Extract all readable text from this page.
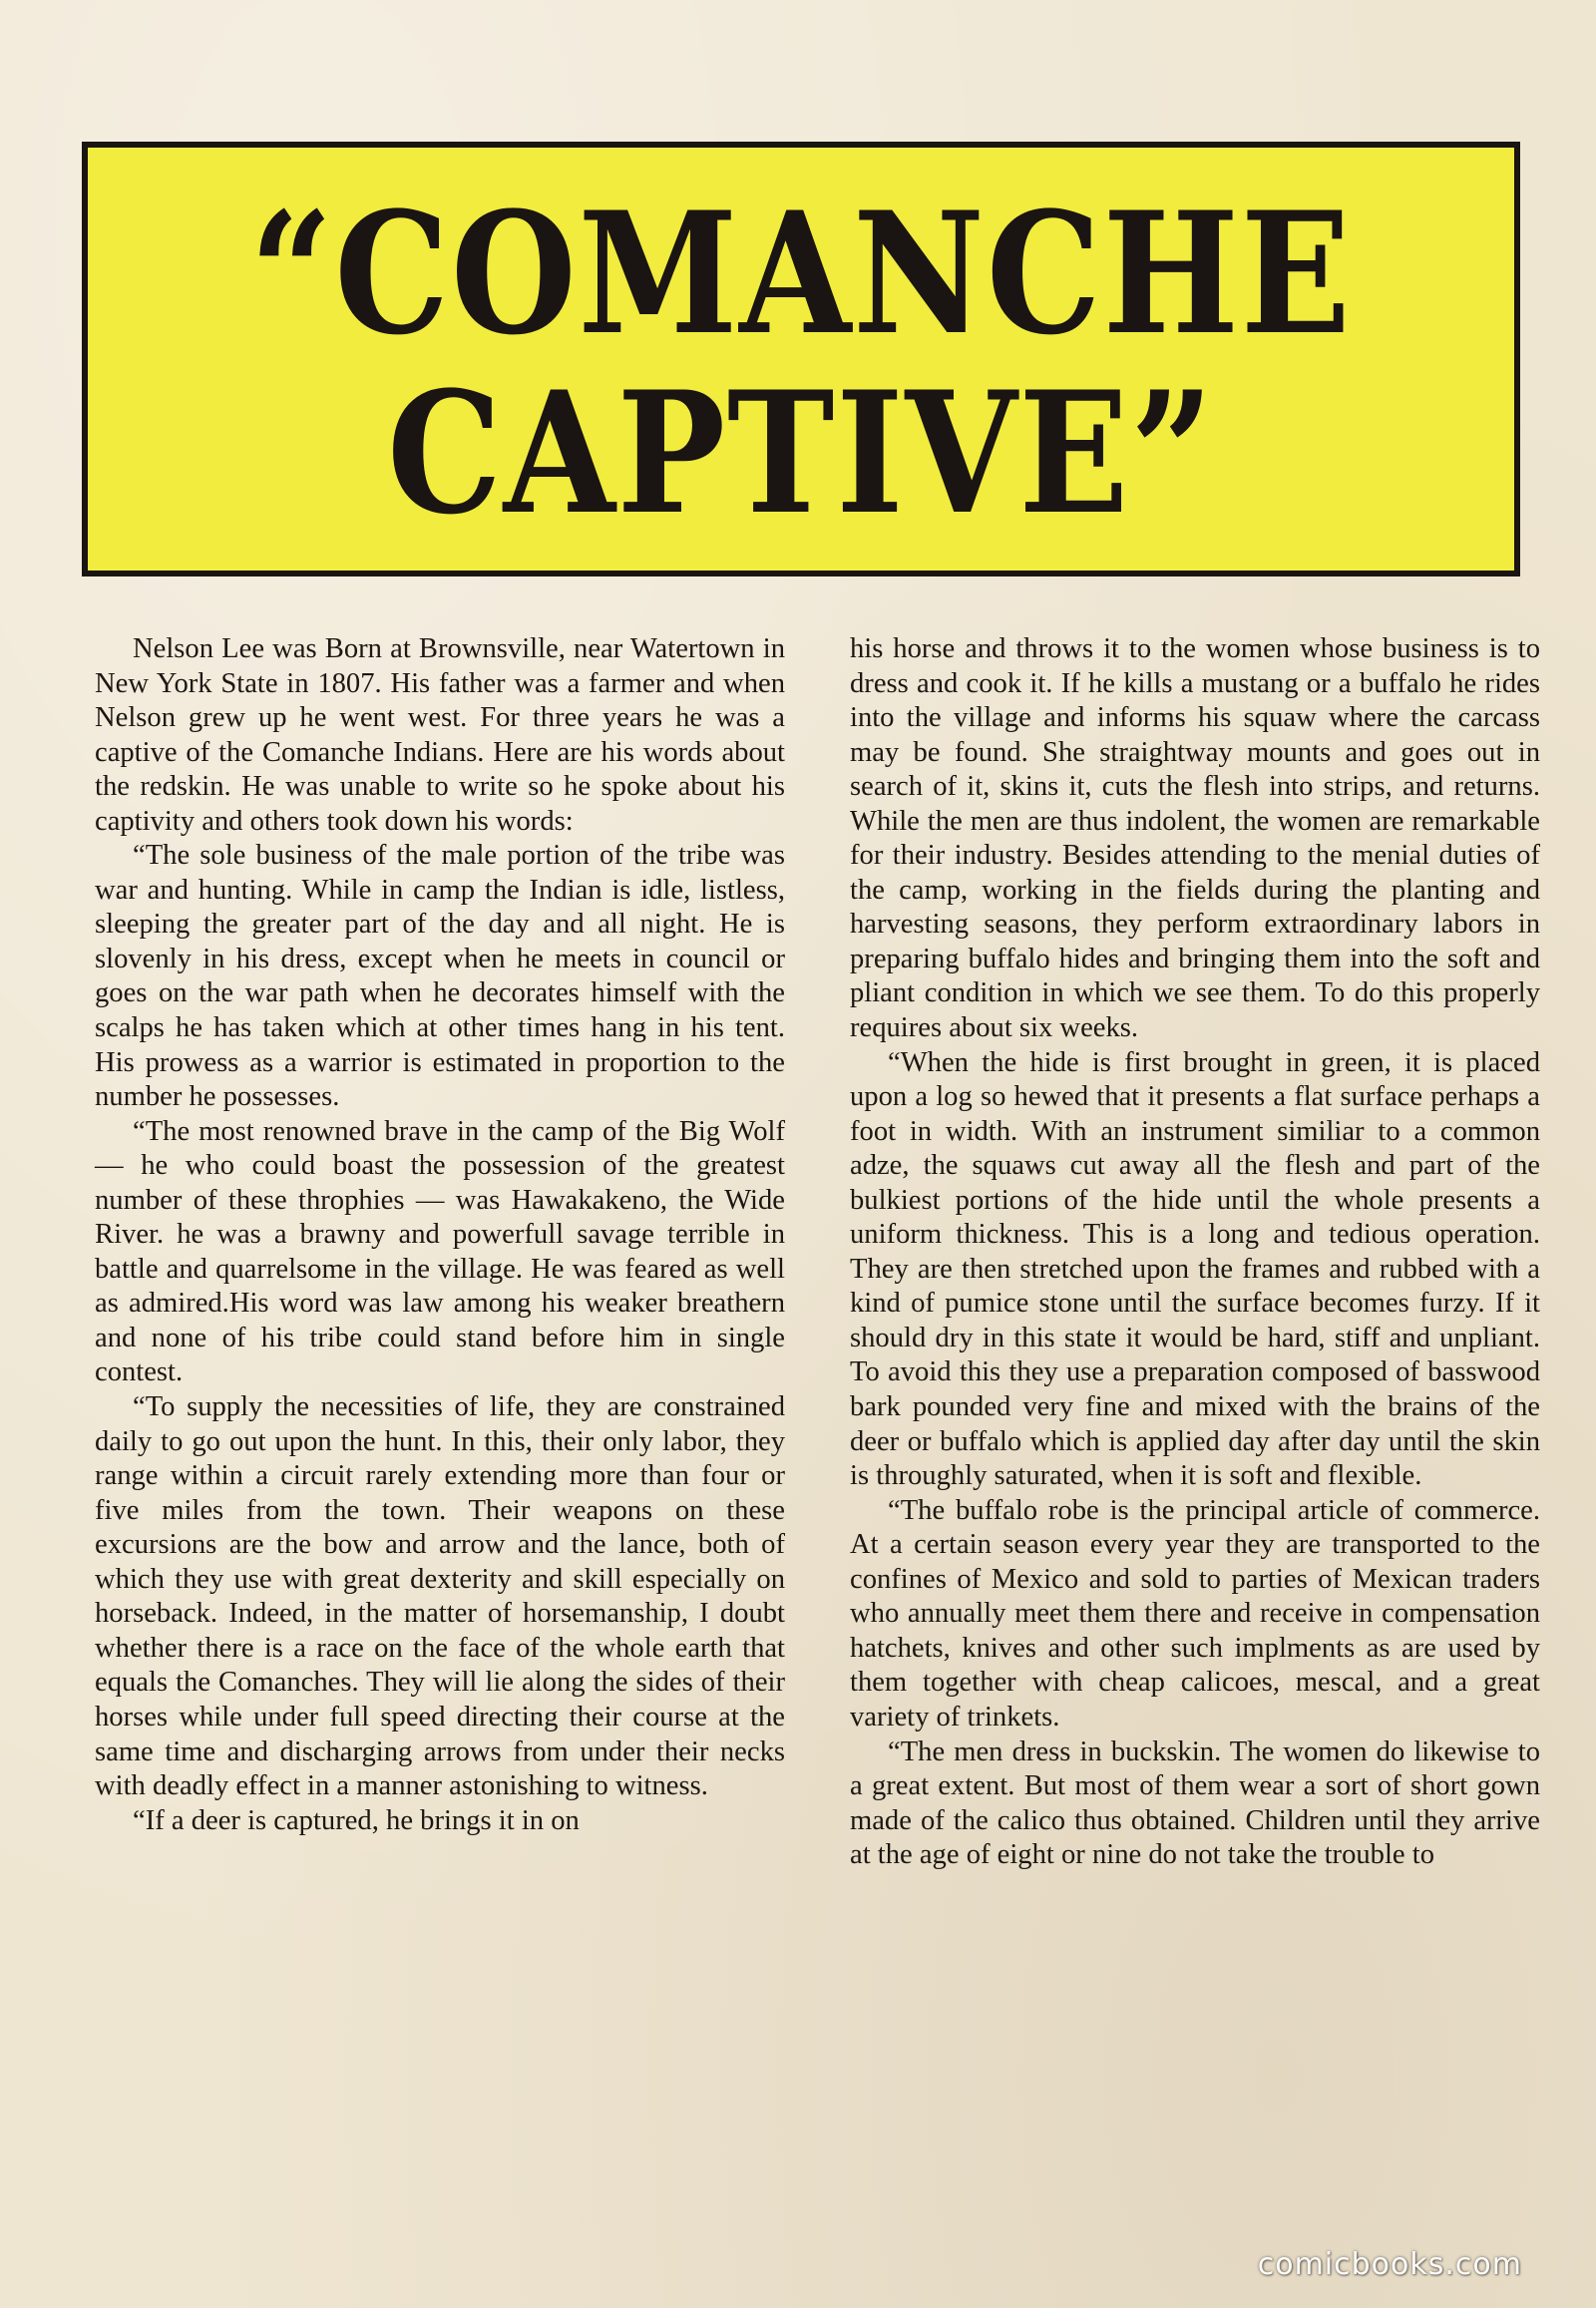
“COMANCHE
CAPTIVE”

Nelson Lee was Born at Brownsville, near Watertown in New York State in 1807. His father was a farmer and when Nelson grew up he went west. For three years he was a captive of the Comanche Indians. Here are his words about the redskin. He was unable to write so he spoke about his captivity and others took down his words:

“The sole business of the male portion of the tribe was war and hunting. While in camp the Indian is idle, listless, sleeping the greater part of the day and all night. He is slovenly in his dress, except when he meets in council or goes on the war path when he decorates himself with the scalps he has taken which at other times hang in his tent. His prowess as a warrior is estimated in proportion to the number he possesses.

“The most renowned brave in the camp of the Big Wolf — he who could boast the possession of the greatest number of these throphies — was Hawakakeno, the Wide River. he was a brawny and powerfull savage terrible in battle and quarrelsome in the village. He was feared as well as admired.His word was law among his weaker breathern and none of his tribe could stand before him in single contest.

“To supply the necessities of life, they are constrained daily to go out upon the hunt. In this, their only labor, they range within a circuit rarely extending more than four or five miles from the town. Their weapons on these excursions are the bow and arrow and the lance, both of which they use with great dexterity and skill especially on horseback. Indeed, in the matter of horsemanship, I doubt whether there is a race on the face of the whole earth that equals the Comanches. They will lie along the sides of their horses while under full speed directing their course at the same time and discharging arrows from under their necks with deadly effect in a manner astonishing to witness.

“If a deer is captured, he brings it in on

his horse and throws it to the women whose business is to dress and cook it. If he kills a mustang or a buffalo he rides into the village and informs his squaw where the carcass may be found. She straightway mounts and goes out in search of it, skins it, cuts the flesh into strips, and returns. While the men are thus indolent, the women are remarkable for their industry. Besides attending to the menial duties of the camp, working in the fields during the planting and harvesting seasons, they perform extraordinary labors in preparing buffalo hides and bringing them into the soft and pliant condition in which we see them. To do this properly requires about six weeks.

“When the hide is first brought in green, it is placed upon a log so hewed that it presents a flat surface perhaps a foot in width. With an instrument similiar to a common adze, the squaws cut away all the flesh and part of the bulkiest portions of the hide until the whole presents a uniform thickness. This is a long and tedious operation. They are then stretched upon the frames and rubbed with a kind of pumice stone until the surface becomes furzy. If it should dry in this state it would be hard, stiff and unpliant. To avoid this they use a preparation composed of basswood bark pounded very fine and mixed with the brains of the deer or buffalo which is applied day after day until the skin is throughly saturated, when it is soft and flexible.

“The buffalo robe is the principal article of commerce. At a certain season every year they are transported to the confines of Mexico and sold to parties of Mexican traders who annually meet them there and receive in compensation hatchets, knives and other such implments as are used by them together with cheap calicoes, mescal, and a great variety of trinkets.

“The men dress in buckskin. The women do likewise to a great extent. But most of them wear a sort of short gown made of the calico thus obtained. Children until they arrive at the age of eight or nine do not take the trouble to

comicbooks.com
